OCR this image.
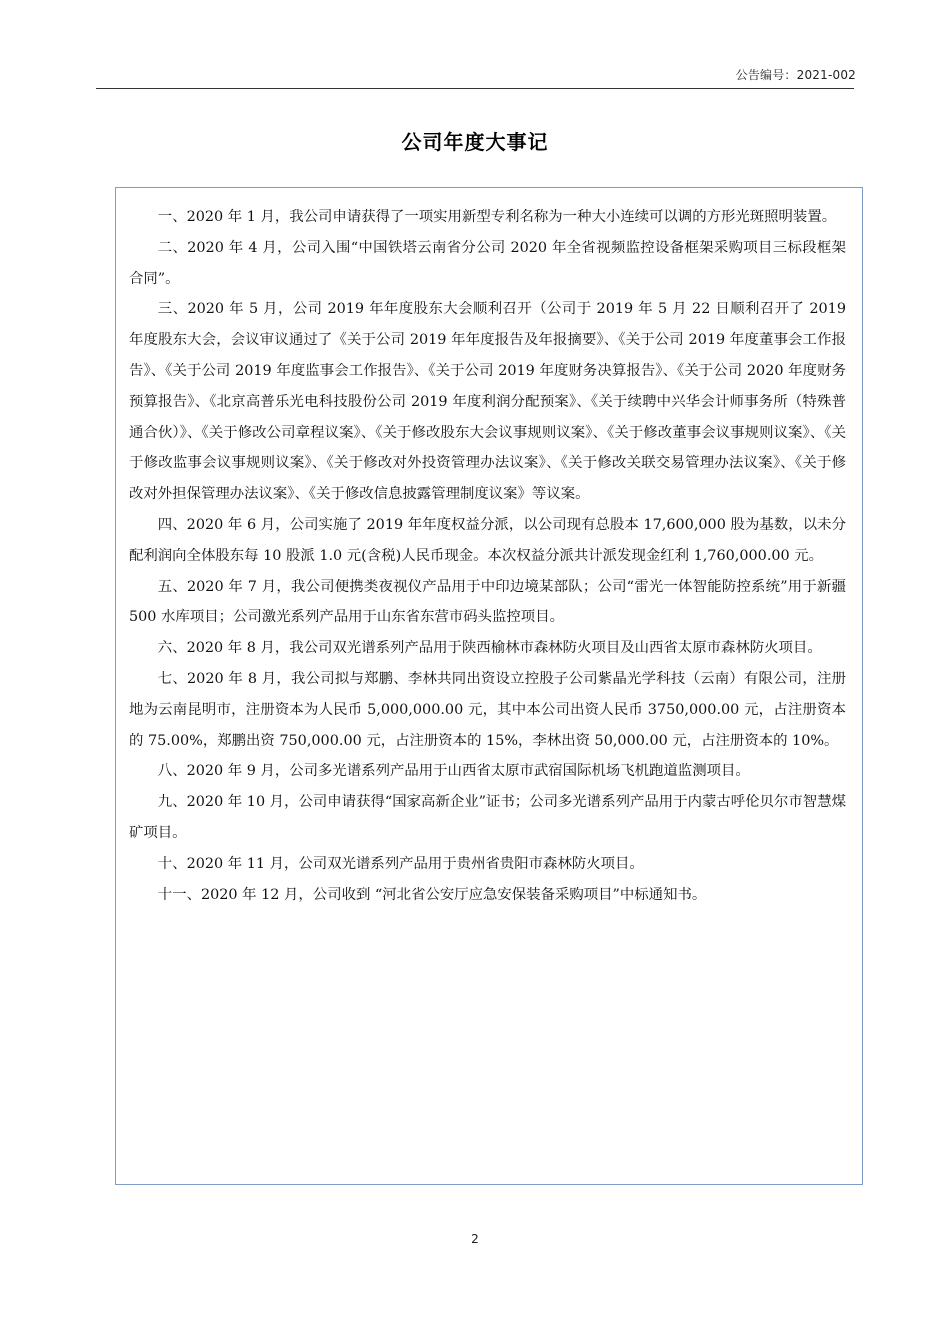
公告编号：2021-002
公司年度大事记

一、2020 年 1 月，我公司申请获得了一项实用新型专利名称为一种大小连续可以调的方形光斑照明装置。

二、2020 年 4 月，公司入围“中国铁塔云南省分公司 2020 年全省视频监控设备框架采购项目三标段框架合同”。

三、2020 年 5 月，公司 2019 年年度股东大会顺利召开（公司于 2019 年 5 月 22 日顺利召开了 2019 年度股东大会，会议审议通过了《关于公司 2019 年年度报告及年报摘要》、《关于公司 2019 年度董事会工作报告》、《关于公司 2019 年度监事会工作报告》、《关于公司 2019 年度财务决算报告》、《关于公司 2020 年度财务预算报告》、《北京高普乐光电科技股份公司 2019 年度利润分配预案》、《关于续聘中兴华会计师事务所（特殊普通合伙）》、《关于修改公司章程议案》、《关于修改股东大会议事规则议案》、《关于修改董事会议事规则议案》、《关于修改监事会议事规则议案》、《关于修改对外投资管理办法议案》、《关于修改关联交易管理办法议案》、《关于修改对外担保管理办法议案》、《关于修改信息披露管理制度议案》等议案。

四、2020 年 6 月，公司实施了 2019 年年度权益分派，以公司现有总股本 17,600,000 股为基数，以未分配利润向全体股东每 10 股派 1.0 元(含税)人民币现金。本次权益分派共计派发现金红利 1,760,000.00 元。

五、2020 年 7 月，我公司便携类夜视仪产品用于中印边境某部队；公司“雷光一体智能防控系统”用于新疆 500 水库项目；公司激光系列产品用于山东省东营市码头监控项目。

六、2020 年 8 月，我公司双光谱系列产品用于陕西榆林市森林防火项目及山西省太原市森林防火项目。

七、2020 年 8 月，我公司拟与郑鹏、李林共同出资设立控股子公司紫晶光学科技（云南）有限公司，注册地为云南昆明市，注册资本为人民币 5,000,000.00 元，其中本公司出资人民币 3750,000.00 元，占注册资本的 75.00%，郑鹏出资 750,000.00 元，占注册资本的 15%，李林出资 50,000.00 元，占注册资本的 10%。

八、2020 年 9 月，公司多光谱系列产品用于山西省太原市武宿国际机场飞机跑道监测项目。

九、2020 年 10 月，公司申请获得“国家高新企业”证书；公司多光谱系列产品用于内蒙古呼伦贝尔市智慧煤矿项目。

十、2020 年 11 月，公司双光谱系列产品用于贵州省贵阳市森林防火项目。

十一、2020 年 12 月，公司收到 “河北省公安厅应急安保装备采购项目”中标通知书。

2
